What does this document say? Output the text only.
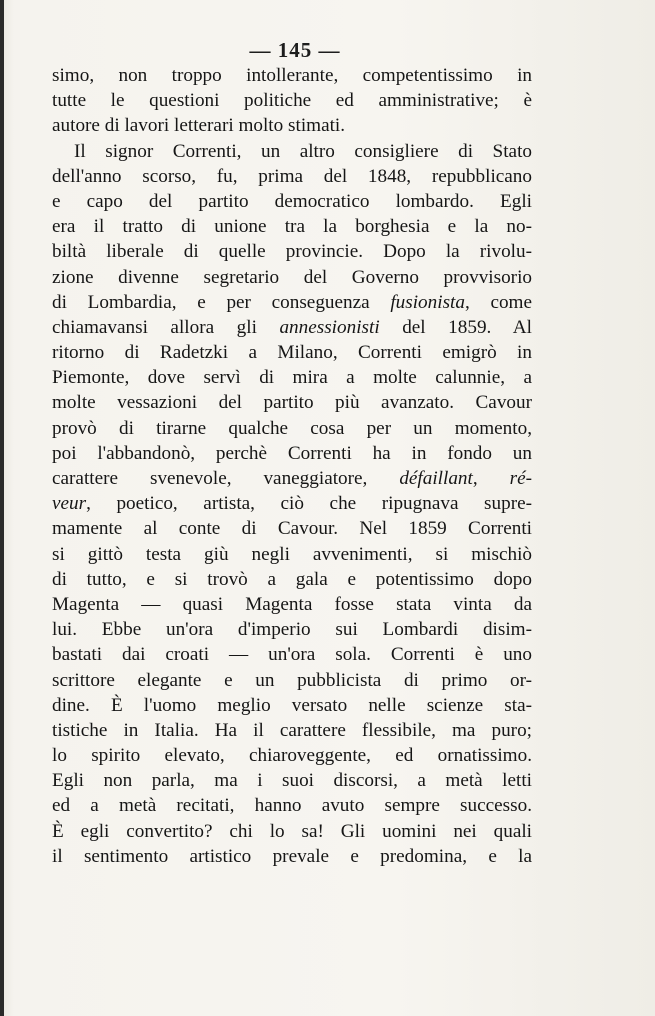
— 145 —
simo, non troppo intollerante, competentissimo in
tutte le questioni politiche ed amministrative; è
autore di lavori letterari molto stimati.
Il signor Correnti, un altro consigliere di Stato
dell'anno scorso, fu, prima del 1848, repubblicano
e capo del partito democratico lombardo. Egli
era il tratto di unione tra la borghesia e la no-
biltà liberale di quelle provincie. Dopo la rivolu-
zione divenne segretario del Governo provvisorio
di Lombardia, e per conseguenza fusionista, come
chiamavansi allora gli annessionisti del 1859. Al
ritorno di Radetzki a Milano, Correnti emigrò in
Piemonte, dove servì di mira a molte calunnie, a
molte vessazioni del partito più avanzato. Cavour
provò di tirarne qualche cosa per un momento,
poi l'abbandonò, perchè Correnti ha in fondo un
carattere svenevole, vaneggiatore, défaillant, ré-
veur, poetico, artista, ciò che ripugnava supre-
mamente al conte di Cavour. Nel 1859 Correnti
si gittò testa giù negli avvenimenti, si mischiò
di tutto, e si trovò a gala e potentissimo dopo
Magenta — quasi Magenta fosse stata vinta da
lui. Ebbe un'ora d'imperio sui Lombardi disim-
bastati dai croati — un'ora sola. Correnti è uno
scrittore elegante e un pubblicista di primo or-
dine. È l'uomo meglio versato nelle scienze sta-
tistiche in Italia. Ha il carattere flessibile, ma puro;
lo spirito elevato, chiaroveggente, ed ornatissimo.
Egli non parla, ma i suoi discorsi, a metà letti
ed a metà recitati, hanno avuto sempre successo.
È egli convertito? chi lo sa! Gli uomini nei quali
il sentimento artistico prevale e predomina, e la
